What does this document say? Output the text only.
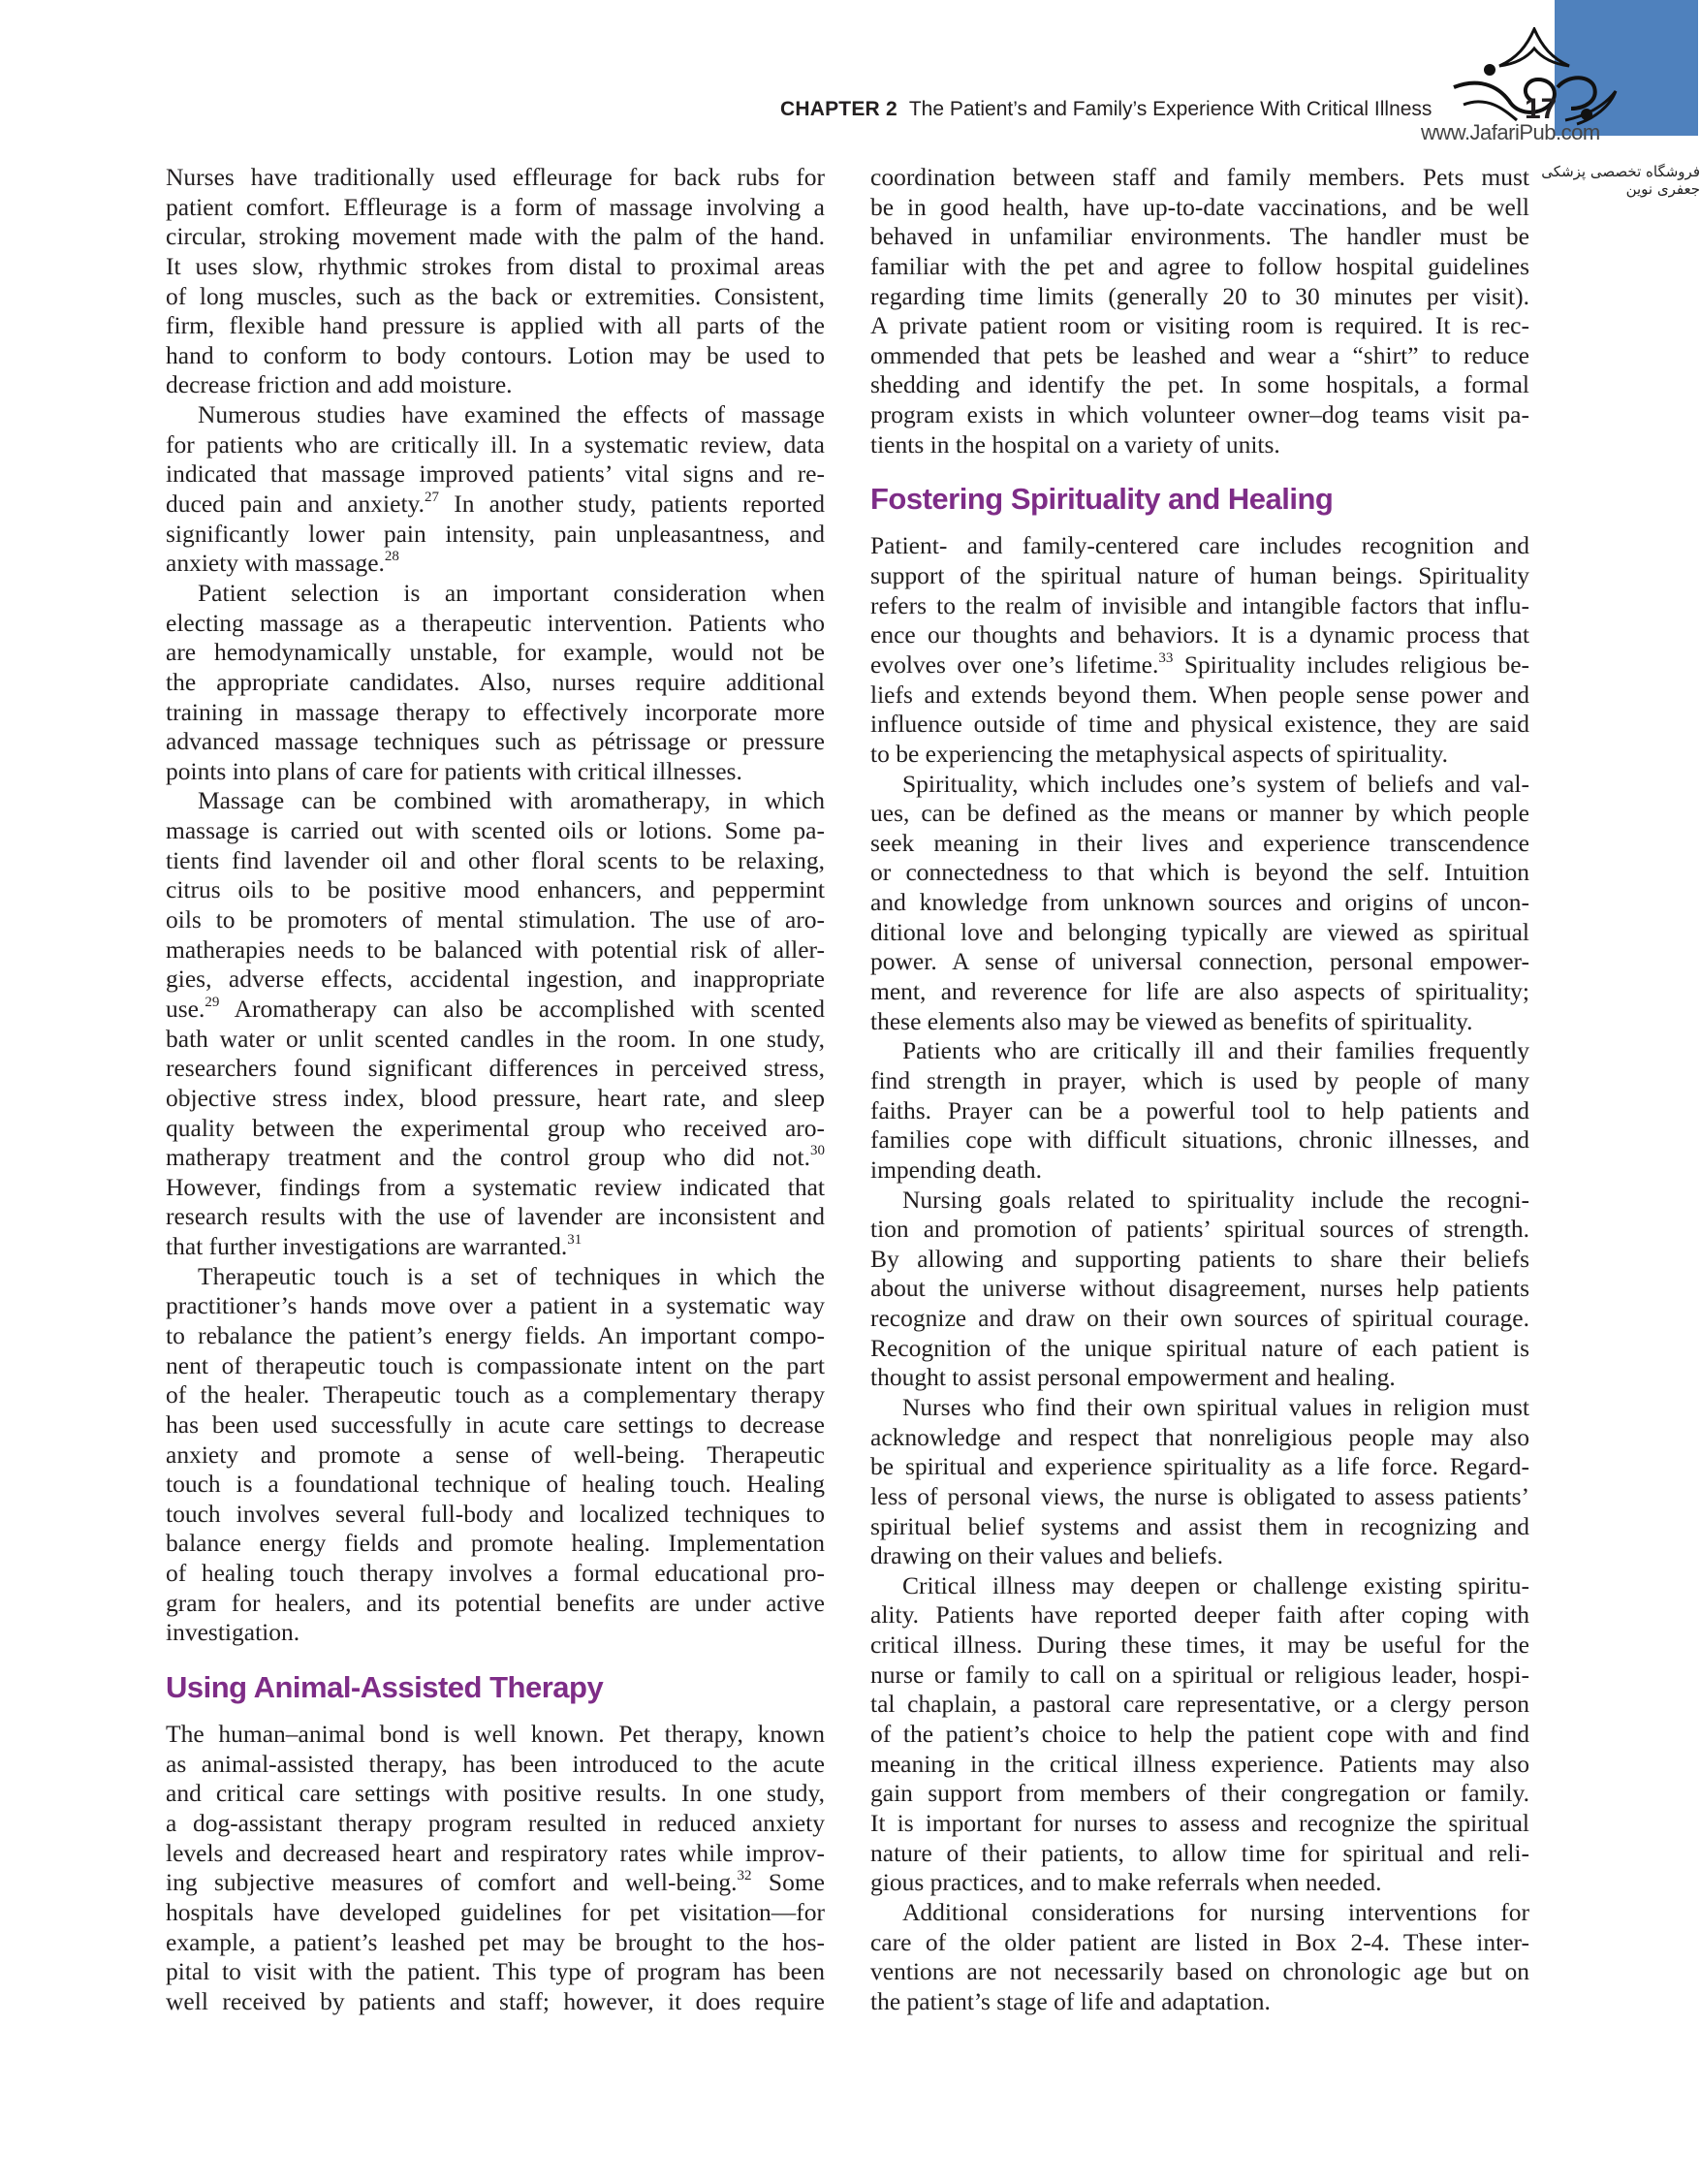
CHAPTER 2 The Patient’s and Family’s Experience With Critical Illness	17
www.JafariPub.com
فروشگاه تخصصی پزشکی جعفری نوین
Nurses have traditionally used effleurage for back rubs for
patient comfort. Effleurage is a form of massage involving a
circular, stroking movement made with the palm of the hand.
It uses slow, rhythmic strokes from distal to proximal areas
of long muscles, such as the back or extremities. Consistent,
firm, flexible hand pressure is applied with all parts of the
hand to conform to body contours. Lotion may be used to
decrease friction and add moisture.
Numerous studies have examined the effects of massage
for patients who are critically ill. In a systematic review, data
indicated that massage improved patients’ vital signs and re-
duced pain and anxiety.$^{27}$ In another study, patients reported
significantly lower pain intensity, pain unpleasantness, and
anxiety with massage.$^{28}$
Patient selection is an important consideration when
electing massage as a therapeutic intervention. Patients who
are hemodynamically unstable, for example, would not be
the appropriate candidates. Also, nurses require additional
training in massage therapy to effectively incorporate more
advanced massage techniques such as pétrissage or pressure
points into plans of care for patients with critical illnesses.
Massage can be combined with aromatherapy, in which
massage is carried out with scented oils or lotions. Some pa-
tients find lavender oil and other floral scents to be relaxing,
citrus oils to be positive mood enhancers, and peppermint
oils to be promoters of mental stimulation. The use of aro-
matherapies needs to be balanced with potential risk of aller-
gies, adverse effects, accidental ingestion, and inappropriate
use.$^{29}$ Aromatherapy can also be accomplished with scented
bath water or unlit scented candles in the room. In one study,
researchers found significant differences in perceived stress,
objective stress index, blood pressure, heart rate, and sleep
quality between the experimental group who received aro-
matherapy treatment and the control group who did not.$^{30}$
However, findings from a systematic review indicated that
research results with the use of lavender are inconsistent and
that further investigations are warranted.$^{31}$
Therapeutic touch is a set of techniques in which the
practitioner’s hands move over a patient in a systematic way
to rebalance the patient’s energy fields. An important compo-
nent of therapeutic touch is compassionate intent on the part
of the healer. Therapeutic touch as a complementary therapy
has been used successfully in acute care settings to decrease
anxiety and promote a sense of well-being. Therapeutic
touch is a foundational technique of healing touch. Healing
touch involves several full-body and localized techniques to
balance energy fields and promote healing. Implementation
of healing touch therapy involves a formal educational pro-
gram for healers, and its potential benefits are under active
investigation.
Using Animal-Assisted Therapy
The human–animal bond is well known. Pet therapy, known
as animal-assisted therapy, has been introduced to the acute
and critical care settings with positive results. In one study,
a dog-assistant therapy program resulted in reduced anxiety
levels and decreased heart and respiratory rates while improv-
ing subjective measures of comfort and well-being.$^{32}$ Some
hospitals have developed guidelines for pet visitation—for
example, a patient’s leashed pet may be brought to the hos-
pital to visit with the patient. This type of program has been
well received by patients and staff; however, it does require
coordination between staff and family members. Pets must
be in good health, have up-to-date vaccinations, and be well
behaved in unfamiliar environments. The handler must be
familiar with the pet and agree to follow hospital guidelines
regarding time limits (generally 20 to 30 minutes per visit).
A private patient room or visiting room is required. It is rec-
ommended that pets be leashed and wear a “shirt” to reduce
shedding and identify the pet. In some hospitals, a formal
program exists in which volunteer owner–dog teams visit pa-
tients in the hospital on a variety of units.
Fostering Spirituality and Healing
Patient- and family-centered care includes recognition and
support of the spiritual nature of human beings. Spirituality
refers to the realm of invisible and intangible factors that influ-
ence our thoughts and behaviors. It is a dynamic process that
evolves over one’s lifetime.$^{33}$ Spirituality includes religious be-
liefs and extends beyond them. When people sense power and
influence outside of time and physical existence, they are said
to be experiencing the metaphysical aspects of spirituality.
Spirituality, which includes one’s system of beliefs and val-
ues, can be defined as the means or manner by which people
seek meaning in their lives and experience transcendence
or connectedness to that which is beyond the self. Intuition
and knowledge from unknown sources and origins of uncon-
ditional love and belonging typically are viewed as spiritual
power. A sense of universal connection, personal empower-
ment, and reverence for life are also aspects of spirituality;
these elements also may be viewed as benefits of spirituality.
Patients who are critically ill and their families frequently
find strength in prayer, which is used by people of many
faiths. Prayer can be a powerful tool to help patients and
families cope with difficult situations, chronic illnesses, and
impending death.
Nursing goals related to spirituality include the recogni-
tion and promotion of patients’ spiritual sources of strength.
By allowing and supporting patients to share their beliefs
about the universe without disagreement, nurses help patients
recognize and draw on their own sources of spiritual courage.
Recognition of the unique spiritual nature of each patient is
thought to assist personal empowerment and healing.
Nurses who find their own spiritual values in religion must
acknowledge and respect that nonreligious people may also
be spiritual and experience spirituality as a life force. Regard-
less of personal views, the nurse is obligated to assess patients’
spiritual belief systems and assist them in recognizing and
drawing on their values and beliefs.
Critical illness may deepen or challenge existing spiritu-
ality. Patients have reported deeper faith after coping with
critical illness. During these times, it may be useful for the
nurse or family to call on a spiritual or religious leader, hospi-
tal chaplain, a pastoral care representative, or a clergy person
of the patient’s choice to help the patient cope with and find
meaning in the critical illness experience. Patients may also
gain support from members of their congregation or family.
It is important for nurses to assess and recognize the spiritual
nature of their patients, to allow time for spiritual and reli-
gious practices, and to make referrals when needed.
Additional considerations for nursing interventions for
care of the older patient are listed in Box 2-4. These inter-
ventions are not necessarily based on chronologic age but on
the patient’s stage of life and adaptation.
